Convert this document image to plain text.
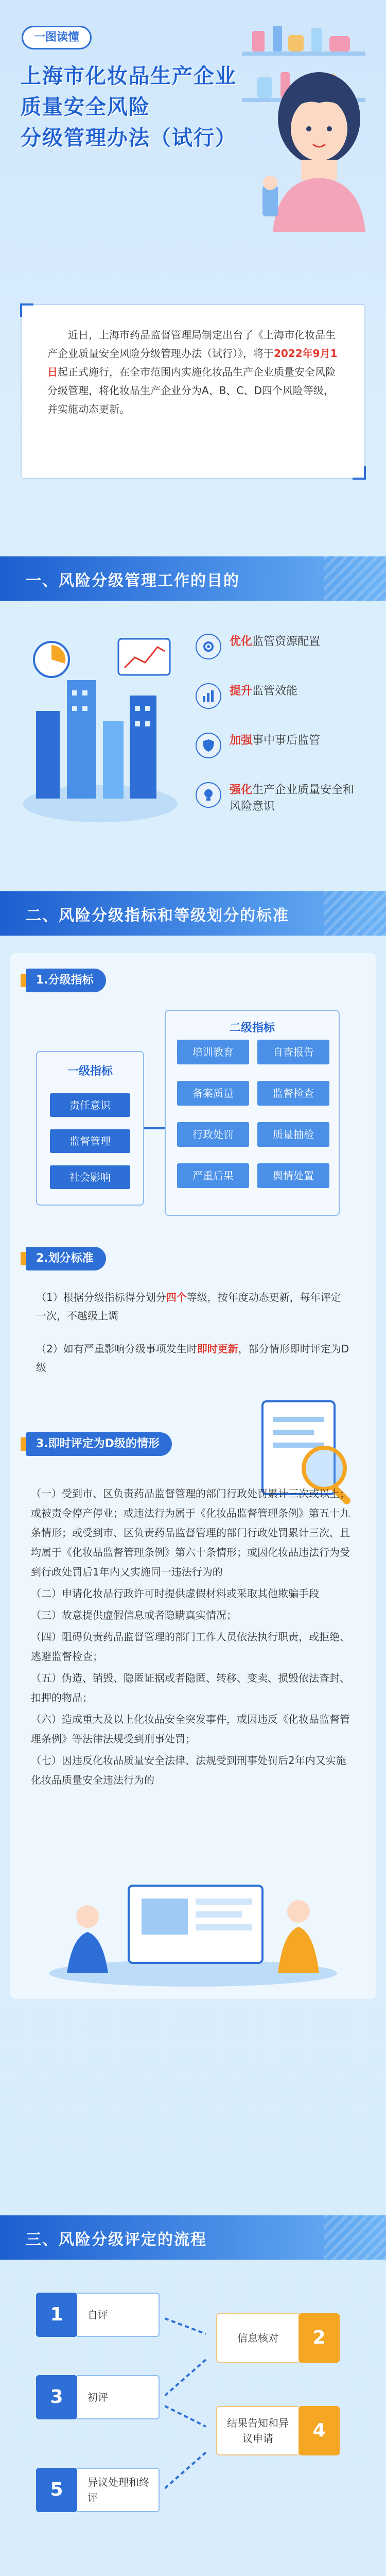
一图读懂
上海市化妆品生产企业
质量安全风险
分级管理办法（试行）

近日，上海市药品监督管理局制定出台了《上海市化妆品生产企业质量安全风险分级管理办法（试行）》，将于2022年9月1日起正式施行，在全市范围内实施化妆品生产企业质量安全风险分级管理，将化妆品生产企业分为A、B、C、D四个风险等级，并实施动态更新。

一、风险分级管理工作的目的

优化监管资源配置

提升监管效能

加强事中事后监管

强化生产企业质量安全和风险意识

二、风险分级指标和等级划分的标准
1.分级指标
一级指标
责任意识
监督管理
社会影响
二级指标
培训教育	自查报告
备案质量	监督检查
行政处罚	质量抽检
严重后果	舆情处置
2.划分标准

（1）根据分级指标得分划分四个等级，按年度动态更新，每年评定一次，不越级上调

（2）如有严重影响分级事项发生时即时更新，部分情形即时评定为D级

3.即时评定为D级的情形

（一）受到市、区负责药品监督管理的部门行政处罚累计三次或以上；或被责令停产停业；或违法行为属于《化妆品监督管理条例》第五十九条情形；或受到市、区负责药品监督管理的部门行政处罚累计三次，且均属于《化妆品监督管理条例》第六十条情形；或因化妆品违法行为受到行政处罚后1年内又实施同一违法行为的

（二）申请化妆品行政许可时提供虚假材料或采取其他欺骗手段

（三）故意提供虚假信息或者隐瞒真实情况；

（四）阻碍负责药品监督管理的部门工作人员依法执行职责，或拒绝、逃避监督检查；

（五）伪造、销毁、隐匿证据或者隐匿、转移、变卖、损毁依法查封、扣押的物品；

（六）造成重大及以上化妆品安全突发事件，或因违反《化妆品监督管理条例》等法律法规受到刑事处罚；

（七）因违反化妆品质量安全法律、法规受到刑事处罚后2年内又实施化妆品质量安全违法行为的

三、风险分级评定的流程
1	自评
信息核对	2
3	初评
结果告知和异议申请	4
5	异议处理和终评
